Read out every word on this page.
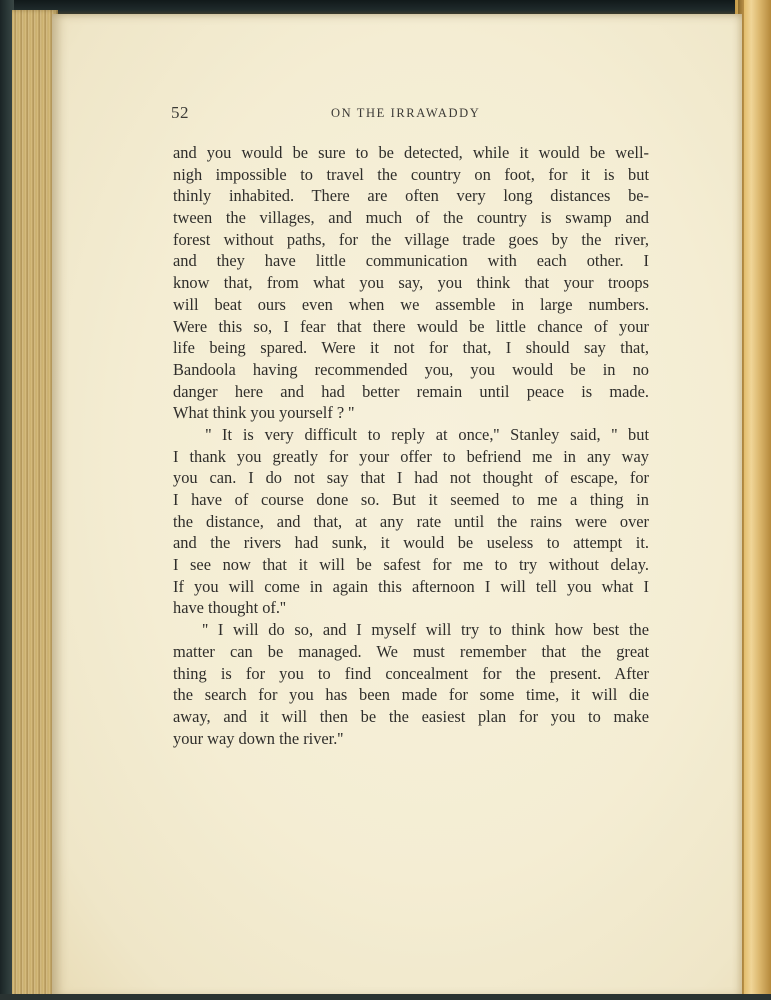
52	ON THE IRRAWADDY
and you would be sure to be detected, while it would be well-
nigh impossible to travel the country on foot, for it is but
thinly inhabited. There are often very long distances be-
tween the villages, and much of the country is swamp and
forest without paths, for the village trade goes by the river,
and they have little communication with each other. I
know that, from what you say, you think that your troops
will beat ours even when we assemble in large numbers.
Were this so, I fear that there would be little chance of your
life being spared. Were it not for that, I should say that,
Bandoola having recommended you, you would be in no
danger here and had better remain until peace is made.
What think you yourself ? ''
'' It is very difficult to reply at once,'' Stanley said, '' but
I thank you greatly for your offer to befriend me in any way
you can. I do not say that I had not thought of escape, for
I have of course done so. But it seemed to me a thing in
the distance, and that, at any rate until the rains were over
and the rivers had sunk, it would be useless to attempt it.
I see now that it will be safest for me to try without delay.
If you will come in again this afternoon I will tell you what I
have thought of.''
'' I will do so, and I myself will try to think how best the
matter can be managed. We must remember that the great
thing is for you to find concealment for the present. After
the search for you has been made for some time, it will die
away, and it will then be the easiest plan for you to make
your way down the river.''
